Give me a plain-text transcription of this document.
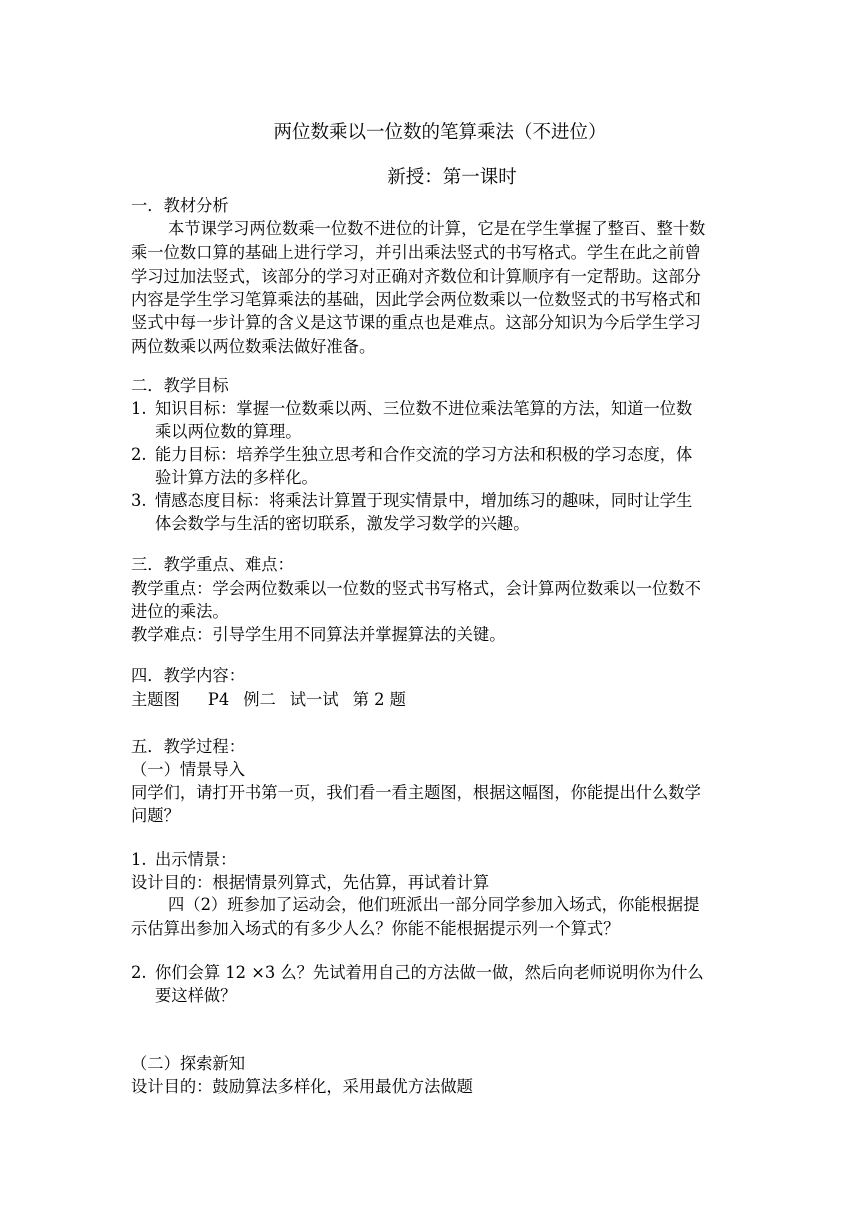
两位数乘以一位数的笔算乘法（不进位）
新授：第一课时
一．教材分析
本节课学习两位数乘一位数不进位的计算，它是在学生掌握了整百、整十数
乘一位数口算的基础上进行学习，并引出乘法竖式的书写格式。学生在此之前曾
学习过加法竖式，该部分的学习对正确对齐数位和计算顺序有一定帮助。这部分
内容是学生学习笔算乘法的基础，因此学会两位数乘以一位数竖式的书写格式和
竖式中每一步计算的含义是这节课的重点也是难点。这部分知识为今后学生学习
两位数乘以两位数乘法做好准备。
二．教学目标
1. 知识目标：掌握一位数乘以两、三位数不进位乘法笔算的方法，知道一位数
乘以两位数的算理。
2. 能力目标：培养学生独立思考和合作交流的学习方法和积极的学习态度，体
验计算方法的多样化。
3. 情感态度目标：将乘法计算置于现实情景中，增加练习的趣味，同时让学生
体会数学与生活的密切联系，激发学习数学的兴趣。
三．教学重点、难点：
教学重点：学会两位数乘以一位数的竖式书写格式，会计算两位数乘以一位数不
进位的乘法。
教学难点：引导学生用不同算法并掌握算法的关键。
四．教学内容：
主题图 P4 例二 试一试 第 2 题
五．教学过程：
（一）情景导入
同学们，请打开书第一页，我们看一看主题图，根据这幅图，你能提出什么数学
问题？
1. 出示情景：
设计目的：根据情景列算式，先估算，再试着计算
四（2）班参加了运动会，他们班派出一部分同学参加入场式，你能根据提
示估算出参加入场式的有多少人么？你能不能根据提示列一个算式？
2. 你们会算 12 ×3 么？先试着用自己的方法做一做，然后向老师说明你为什么
要这样做？
（二）探索新知
设计目的：鼓励算法多样化，采用最优方法做题
